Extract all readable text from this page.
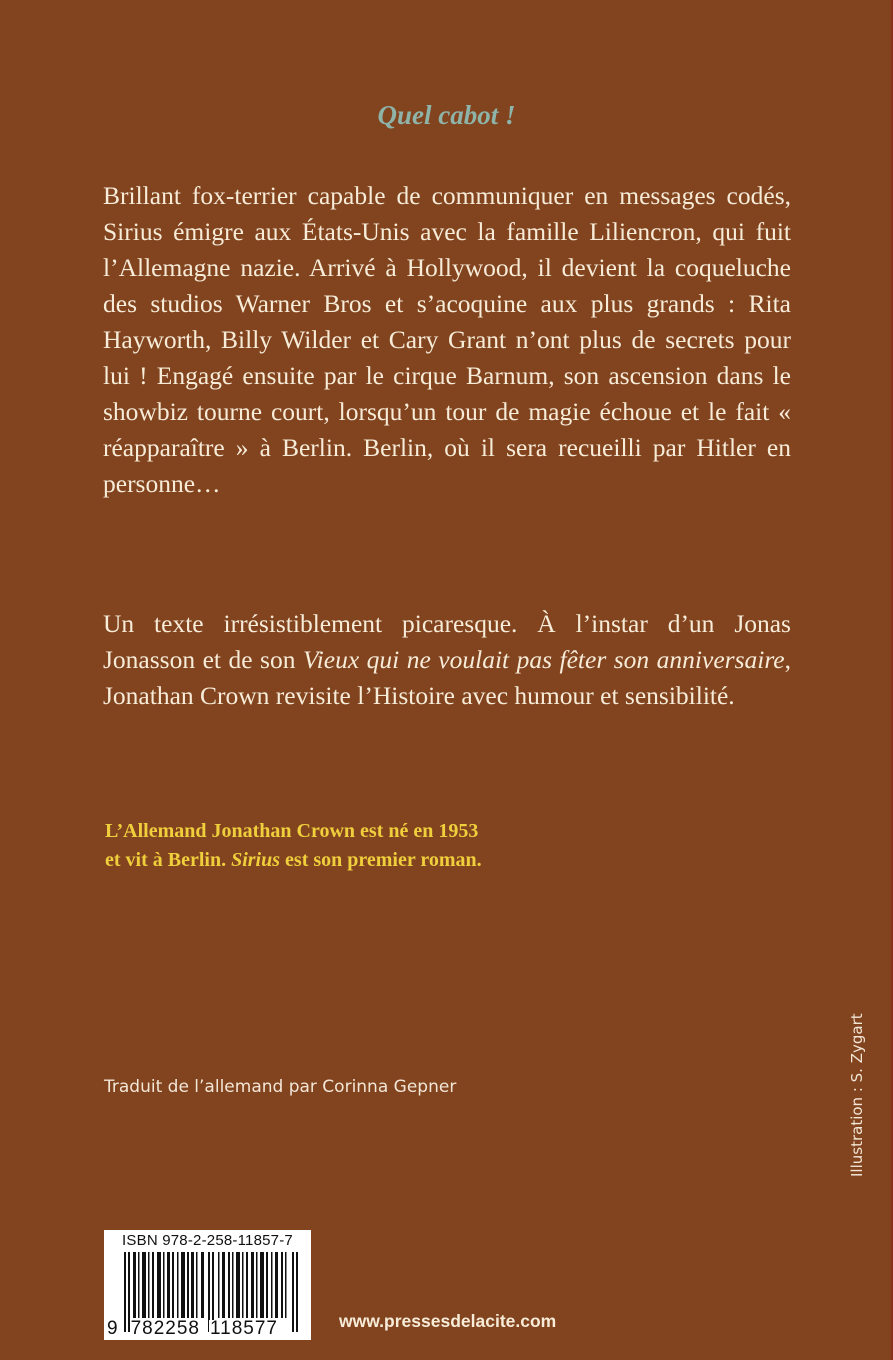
Quel cabot !

Brillant fox-terrier capable de communiquer en messages codés, Sirius émigre aux États-Unis avec la famille Liliencron, qui fuit l’Allemagne nazie. Arrivé à Hollywood, il devient la coqueluche des studios Warner Bros et s’acoquine aux plus grands : Rita Hayworth, Billy Wilder et Cary Grant n’ont plus de secrets pour lui ! Engagé ensuite par le cirque Barnum, son ascension dans le showbiz tourne court, lorsqu’un tour de magie échoue et le fait « réapparaître » à Berlin. Berlin, où il sera recueilli par Hitler en personne…

Un texte irrésistiblement picaresque. À l’instar d’un Jonas Jonasson et de son Vieux qui ne voulait pas fêter son anniversaire, Jonathan Crown revisite l’Histoire avec humour et sensibilité.

L’Allemand Jonathan Crown est né en 1953
et vit à Berlin. Sirius est son premier roman.

Traduit de l’allemand par Corinna Gepner	Illustration : S. Zygart
ISBN 978-2-258-11857-7
9 782258 118577	www.pressesdelacite.com
